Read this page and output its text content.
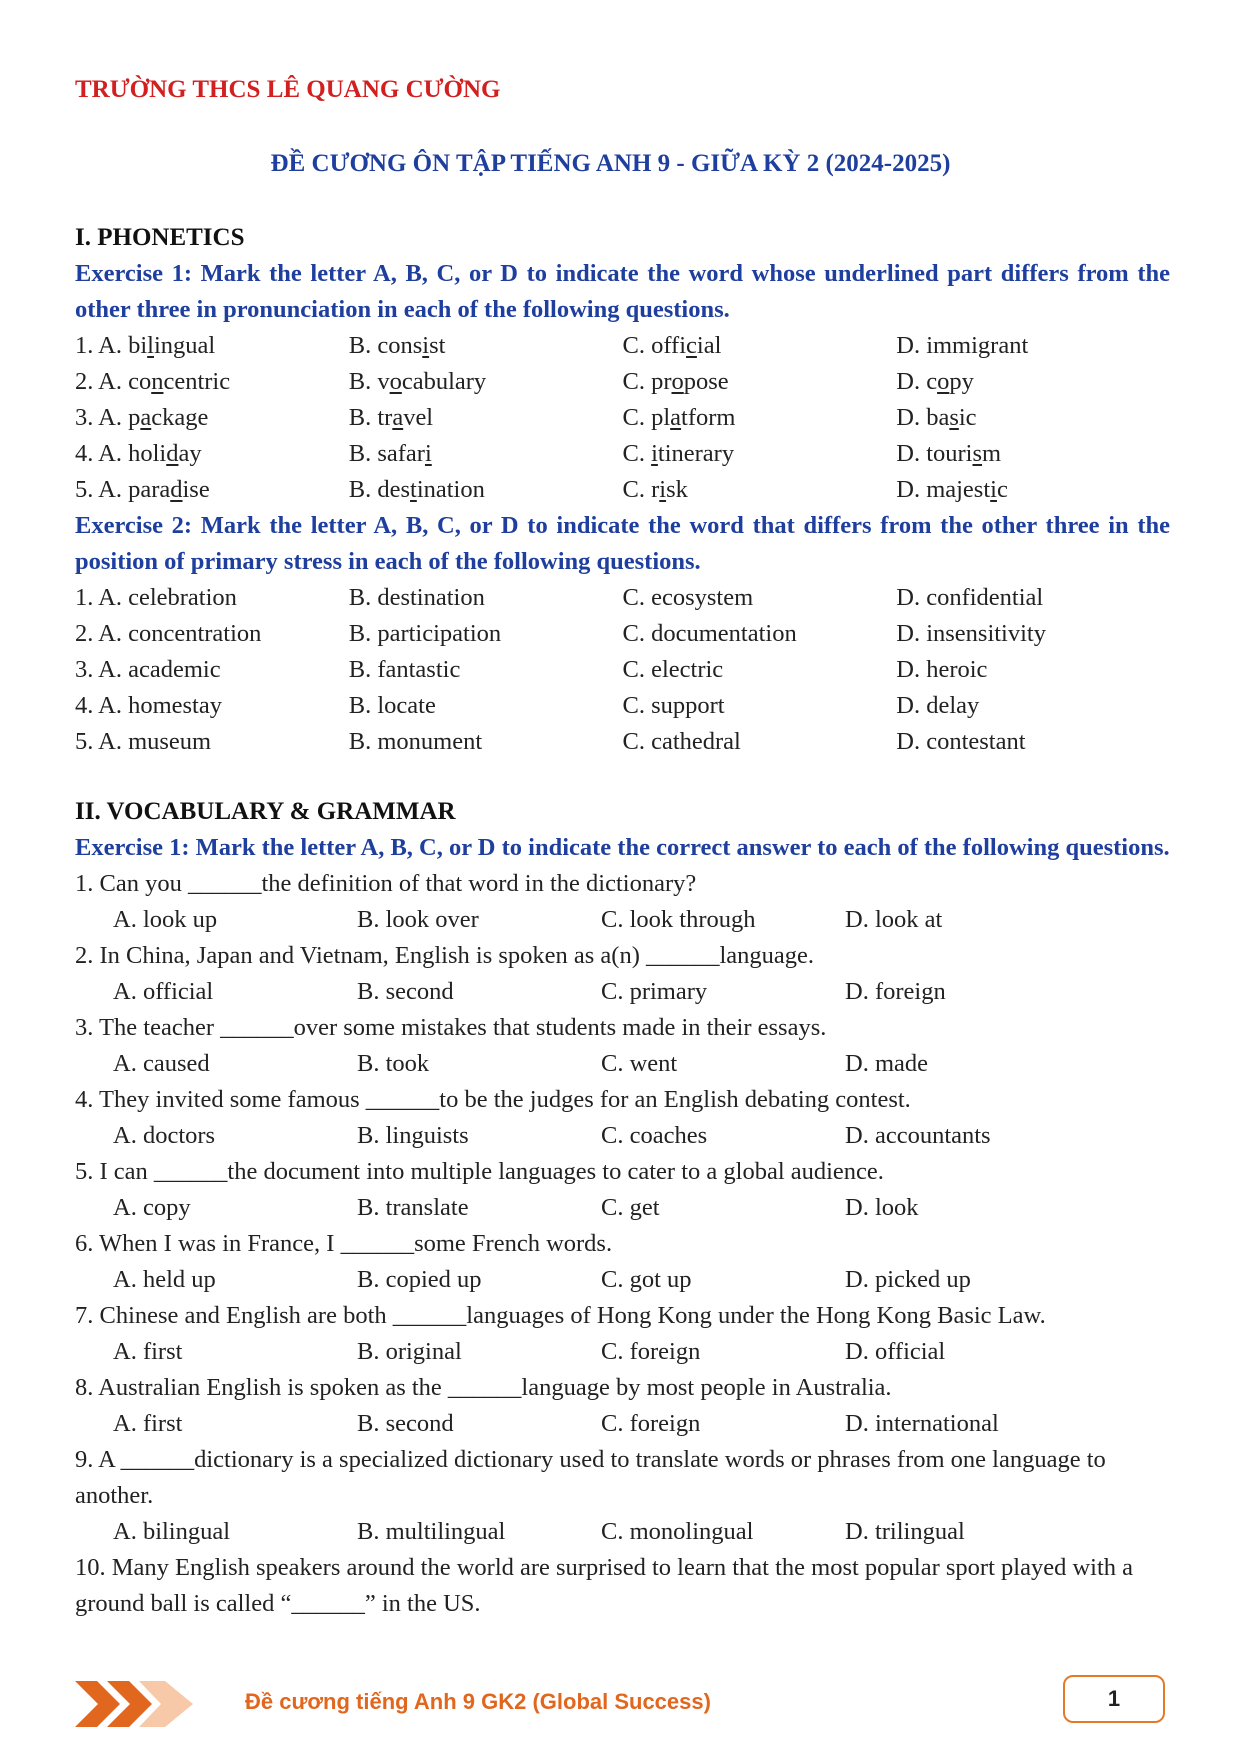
TRƯỜNG THCS LÊ QUANG CƯỜNG
ĐỀ CƯƠNG ÔN TẬP TIẾNG ANH 9 - GIỮA KỲ 2 (2024-2025)
I. PHONETICS
Exercise 1: Mark the letter A, B, C, or D to indicate the word whose underlined part differs from the other three in pronunciation in each of the following questions.
1. A. bilingual	B. consist	C. official	D. immigrant
2. A. concentric	B. vocabulary	C. propose	D. copy
3. A. package	B. travel	C. platform	D. basic
4. A. holiday	B. safari	C. itinerary	D. tourism
5. A. paradise	B. destination	C. risk	D. majestic
Exercise 2: Mark the letter A, B, C, or D to indicate the word that differs from the other three in the position of primary stress in each of the following questions.
1. A. celebration	B. destination	C. ecosystem	D. confidential
2. A. concentration	B. participation	C. documentation	D. insensitivity
3. A. academic	B. fantastic	C. electric	D. heroic
4. A. homestay	B. locate	C. support	D. delay
5. A. museum	B. monument	C. cathedral	D. contestant
II. VOCABULARY & GRAMMAR
Exercise 1: Mark the letter A, B, C, or D to indicate the correct answer to each of the following questions.
1. Can you ______the definition of that word in the dictionary?
A. look up	B. look over	C. look through	D. look at
2. In China, Japan and Vietnam, English is spoken as a(n) ______language.
A. official	B. second	C. primary	D. foreign
3. The teacher ______over some mistakes that students made in their essays.
A. caused	B. took	C. went	D. made
4. They invited some famous ______to be the judges for an English debating contest.
A. doctors	B. linguists	C. coaches	D. accountants
5. I can ______the document into multiple languages to cater to a global audience.
A. copy	B. translate	C. get	D. look
6. When I was in France, I ______some French words.
A. held up	B. copied up	C. got up	D. picked up
7. Chinese and English are both ______languages of Hong Kong under the Hong Kong Basic Law.
A. first	B. original	C. foreign	D. official
8. Australian English is spoken as the ______language by most people in Australia.
A. first	B. second	C. foreign	D. international
9. A ______dictionary is a specialized dictionary used to translate words or phrases from one language to another.
A. bilingual	B. multilingual	C. monolingual	D. trilingual
10. Many English speakers around the world are surprised to learn that the most popular sport played with a ground ball is called “______” in the US.
Đề cương tiếng Anh 9 GK2 (Global Success)	1
